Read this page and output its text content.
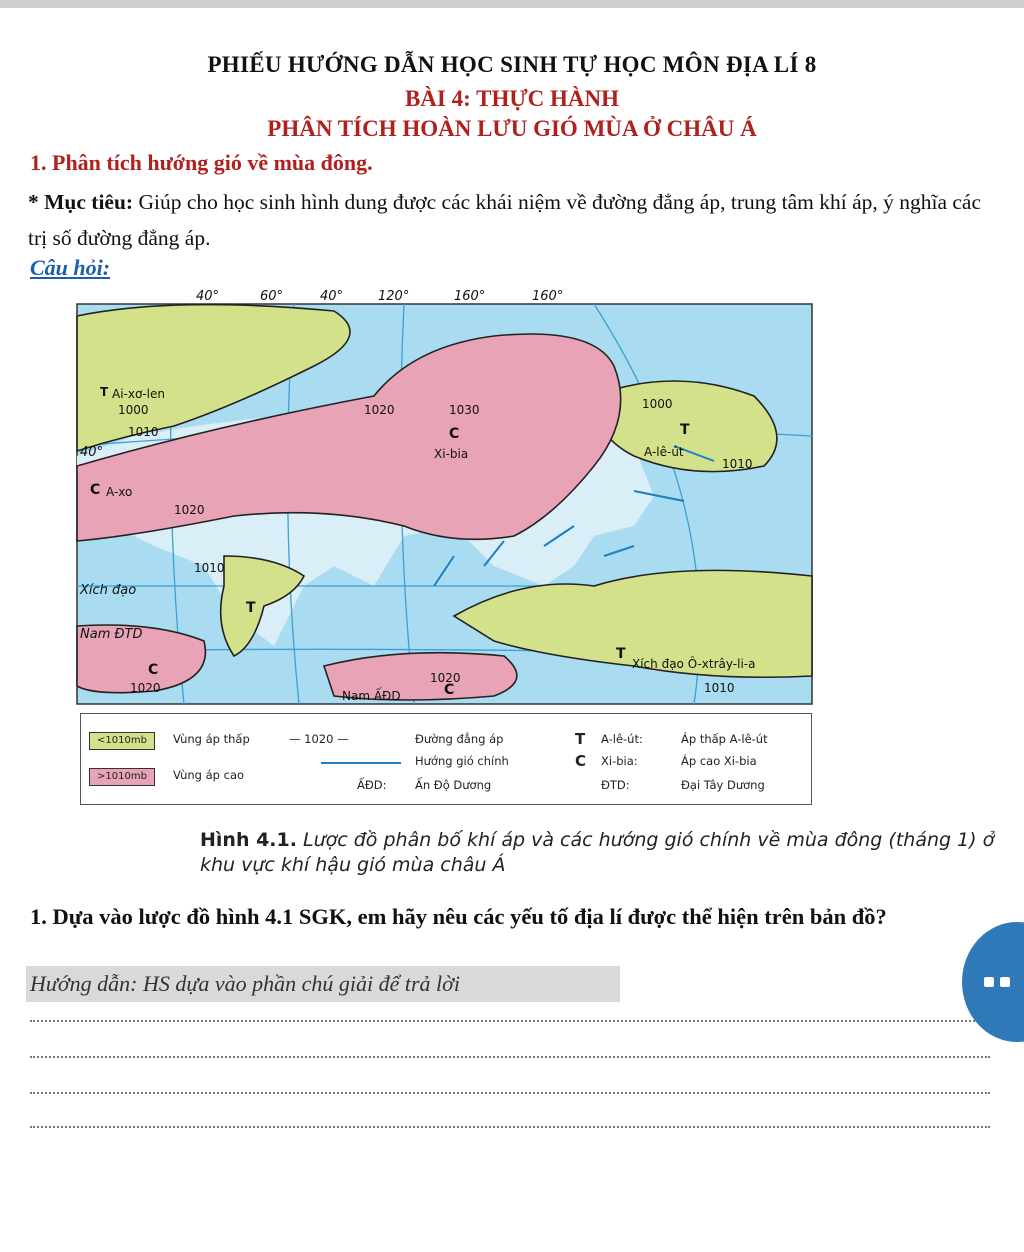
PHIẾU HƯỚNG DẪN HỌC SINH TỰ HỌC MÔN ĐỊA LÍ 8
BÀI 4: THỰC HÀNH
PHÂN TÍCH HOÀN LƯU GIÓ MÙA Ở CHÂU Á
1. Phân tích hướng gió về mùa đông.
* Mục tiêu: Giúp cho học sinh hình dung được các khái niệm về đường đẳng áp, trung tâm khí áp, ý nghĩa các trị số đường đẳng áp.
Câu hỏi:
40°	60°	40°	120°	160°	160°
40°
Xích đạo
Nam ĐTD
T Ai-xơ-len
1000
1010
1020	1030
C
Xi-bia
1000
T
A-lê-út
1010
C A-xo
1020
1010
T
C
1020
1020
C
Nam ẤĐD
T
Xích đạo Ô-xtrây-li-a
1010
<1010mb	Vùng áp thấp
>1010mb	Vùng áp cao
— 1020 —	Đường đẳng áp
Hướng gió chính
ẤĐD: Ấn Độ Dương
T A-lê-út:	Áp thấp A-lê-út
C Xi-bia:	Áp cao Xi-bia
ĐTD:	Đại Tây Dương
Hình 4.1. Lược đồ phân bố khí áp và các hướng gió chính về mùa đông (tháng 1) ở khu vực khí hậu gió mùa châu Á
1. Dựa vào lược đồ hình 4.1 SGK, em hãy nêu các yếu tố địa lí được thể hiện trên bản đồ?
Hướng dẫn: HS dựa vào phần chú giải để trả lời
